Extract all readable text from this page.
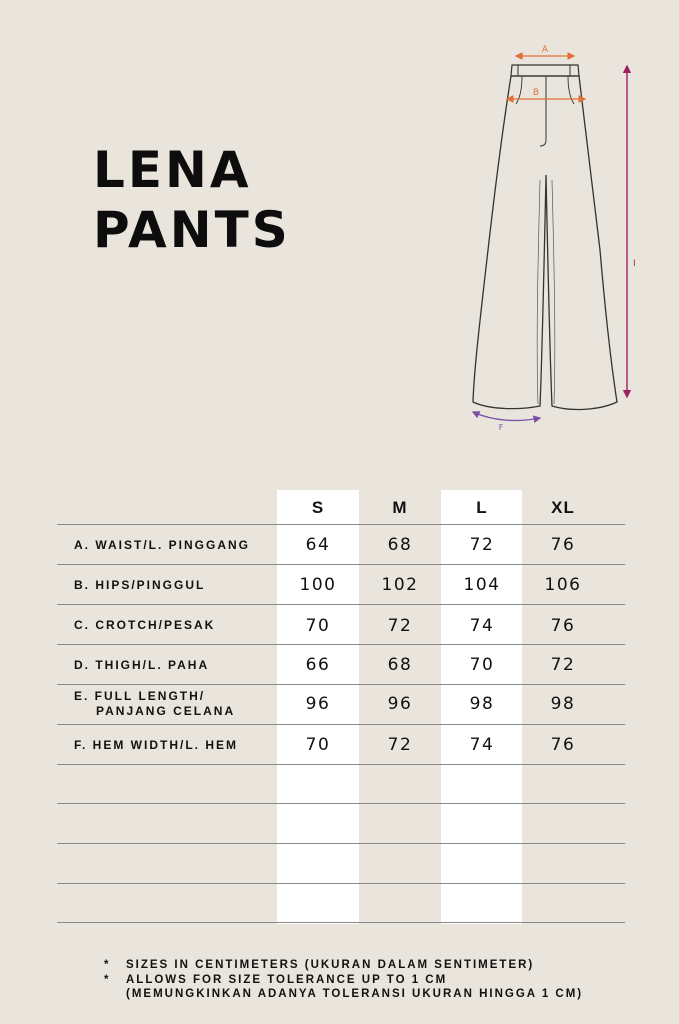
LENA
PANTS
A
B
I
F
S	M	L	XL
A. WAIST/L. PINGGANG	64	68	72	76
B. HIPS/PINGGUL	100	102	104	106
C. CROTCH/PESAK	70	72	74	76
D. THIGH/L. PAHA	66	68	70	72
E. FULL LENGTH/
PANJANG CELANA	96	96	98	98
F. HEM WIDTH/L. HEM	70	72	74	76
* SIZES IN CENTIMETERS (UKURAN DALAM SENTIMETER)
* ALLOWS FOR SIZE TOLERANCE UP TO 1 CM
(MEMUNGKINKAN ADANYA TOLERANSI UKURAN HINGGA 1 CM)
